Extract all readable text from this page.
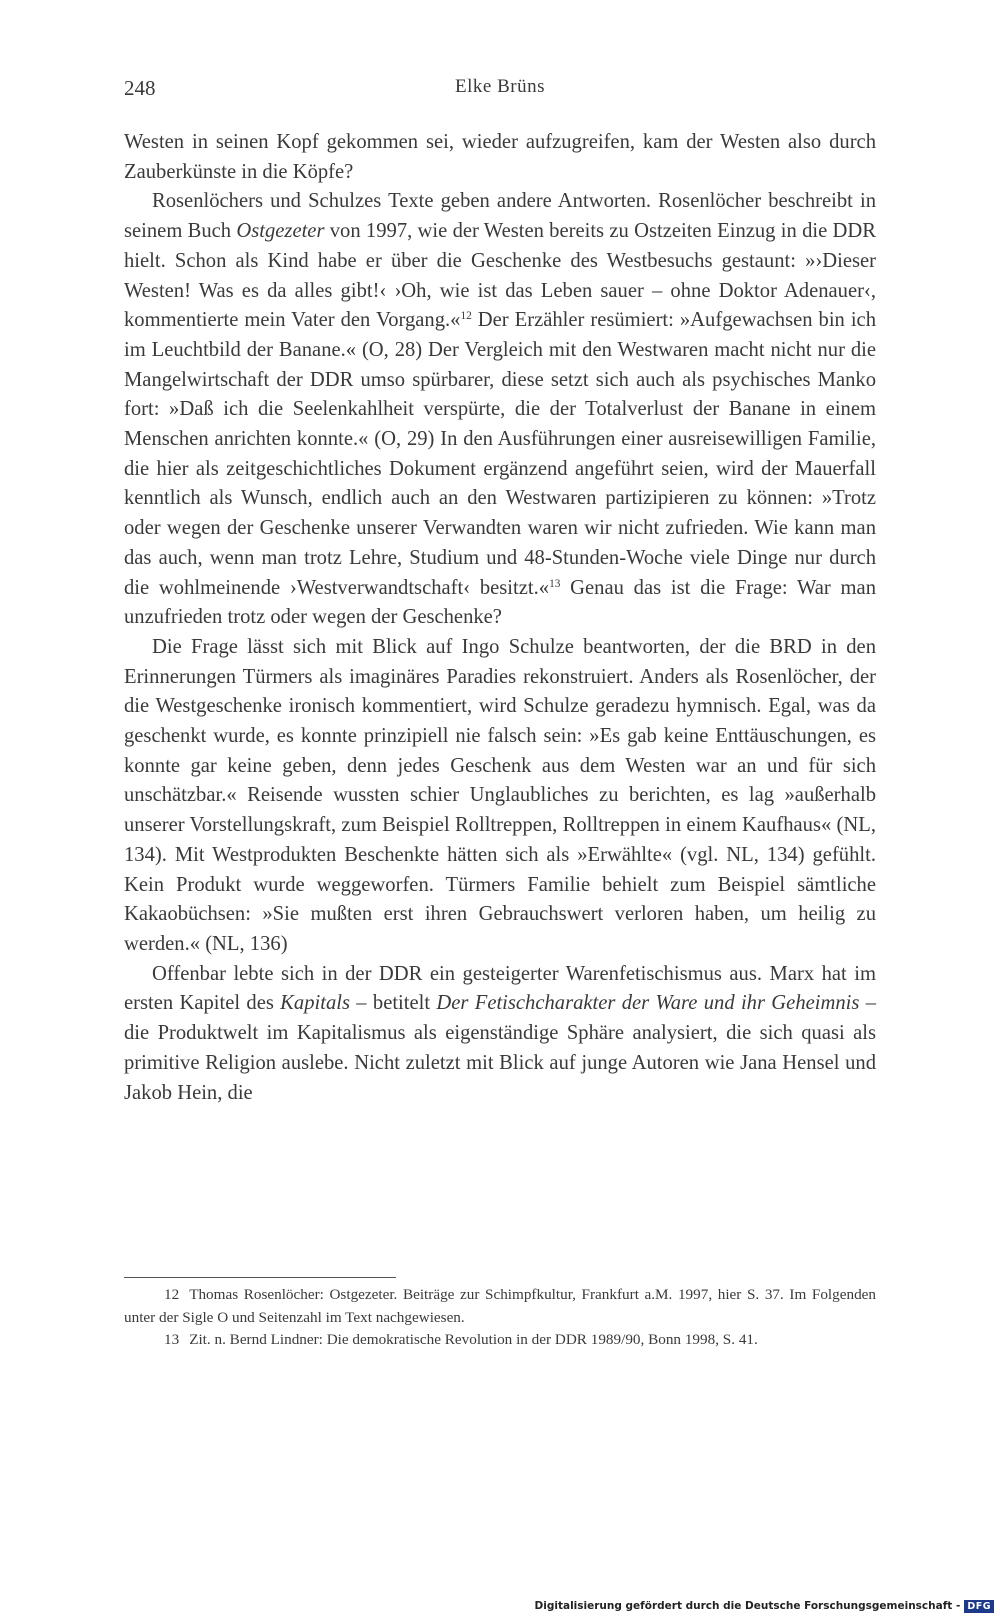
248	Elke Brüns

Westen in seinen Kopf gekommen sei, wieder aufzugreifen, kam der Westen also durch Zauberkünste in die Köpfe?

Rosenlöchers und Schulzes Texte geben andere Antworten. Rosenlöcher beschreibt in seinem Buch Ostgezeter von 1997, wie der Westen bereits zu Ostzeiten Einzug in die DDR hielt. Schon als Kind habe er über die Geschenke des Westbesuchs gestaunt: »›Dieser Westen! Was es da alles gibt!‹ ›Oh, wie ist das Leben sauer – ohne Doktor Adenauer‹, kommentierte mein Vater den Vorgang.«$^{12}$ Der Erzähler resümiert: »Aufgewachsen bin ich im Leuchtbild der Banane.« (O, 28) Der Vergleich mit den Westwaren macht nicht nur die Mangelwirtschaft der DDR umso spürbarer, diese setzt sich auch als psychisches Manko fort: »Daß ich die Seelenkahlheit verspürte, die der Totalverlust der Banane in einem Menschen anrichten konnte.« (O, 29) In den Ausführungen einer ausreisewilligen Familie, die hier als zeitgeschichtliches Dokument ergänzend angeführt seien, wird der Mauerfall kenntlich als Wunsch, endlich auch an den Westwaren partizipieren zu können: »Trotz oder wegen der Geschenke unserer Verwandten waren wir nicht zufrieden. Wie kann man das auch, wenn man trotz Lehre, Studium und 48-Stunden-Woche viele Dinge nur durch die wohlmeinende ›Westverwandtschaft‹ besitzt.«$^{13}$ Genau das ist die Frage: War man unzufrieden trotz oder wegen der Geschenke?

Die Frage lässt sich mit Blick auf Ingo Schulze beantworten, der die BRD in den Erinnerungen Türmers als imaginäres Paradies rekonstruiert. Anders als Rosenlöcher, der die Westgeschenke ironisch kommentiert, wird Schulze geradezu hymnisch. Egal, was da geschenkt wurde, es konnte prinzipiell nie falsch sein: »Es gab keine Enttäuschungen, es konnte gar keine geben, denn jedes Geschenk aus dem Westen war an und für sich unschätzbar.« Reisende wussten schier Unglaubliches zu berichten, es lag »außerhalb unserer Vorstellungskraft, zum Beispiel Rolltreppen, Rolltreppen in einem Kaufhaus« (NL, 134). Mit Westprodukten Beschenkte hätten sich als »Erwählte« (vgl. NL, 134) gefühlt. Kein Produkt wurde weggeworfen. Türmers Familie behielt zum Beispiel sämtliche Kakaobüchsen: »Sie mußten erst ihren Gebrauchswert verloren haben, um heilig zu werden.« (NL, 136)

Offenbar lebte sich in der DDR ein gesteigerter Warenfetischismus aus. Marx hat im ersten Kapitel des Kapitals – betitelt Der Fetischcharakter der Ware und ihr Geheimnis – die Produktwelt im Kapitalismus als eigenständige Sphäre analysiert, die sich quasi als primitive Religion auslebe. Nicht zuletzt mit Blick auf junge Autoren wie Jana Hensel und Jakob Hein, die

12 Thomas Rosenlöcher: Ostgezeter. Beiträge zur Schimpfkultur, Frankfurt a.M. 1997, hier S. 37. Im Folgenden unter der Sigle O und Seitenzahl im Text nachgewiesen.

13 Zit. n. Bernd Lindner: Die demokratische Revolution in der DDR 1989/90, Bonn 1998, S. 41.

Digitalisierung gefördert durch die Deutsche Forschungsgemeinschaft - DFG
